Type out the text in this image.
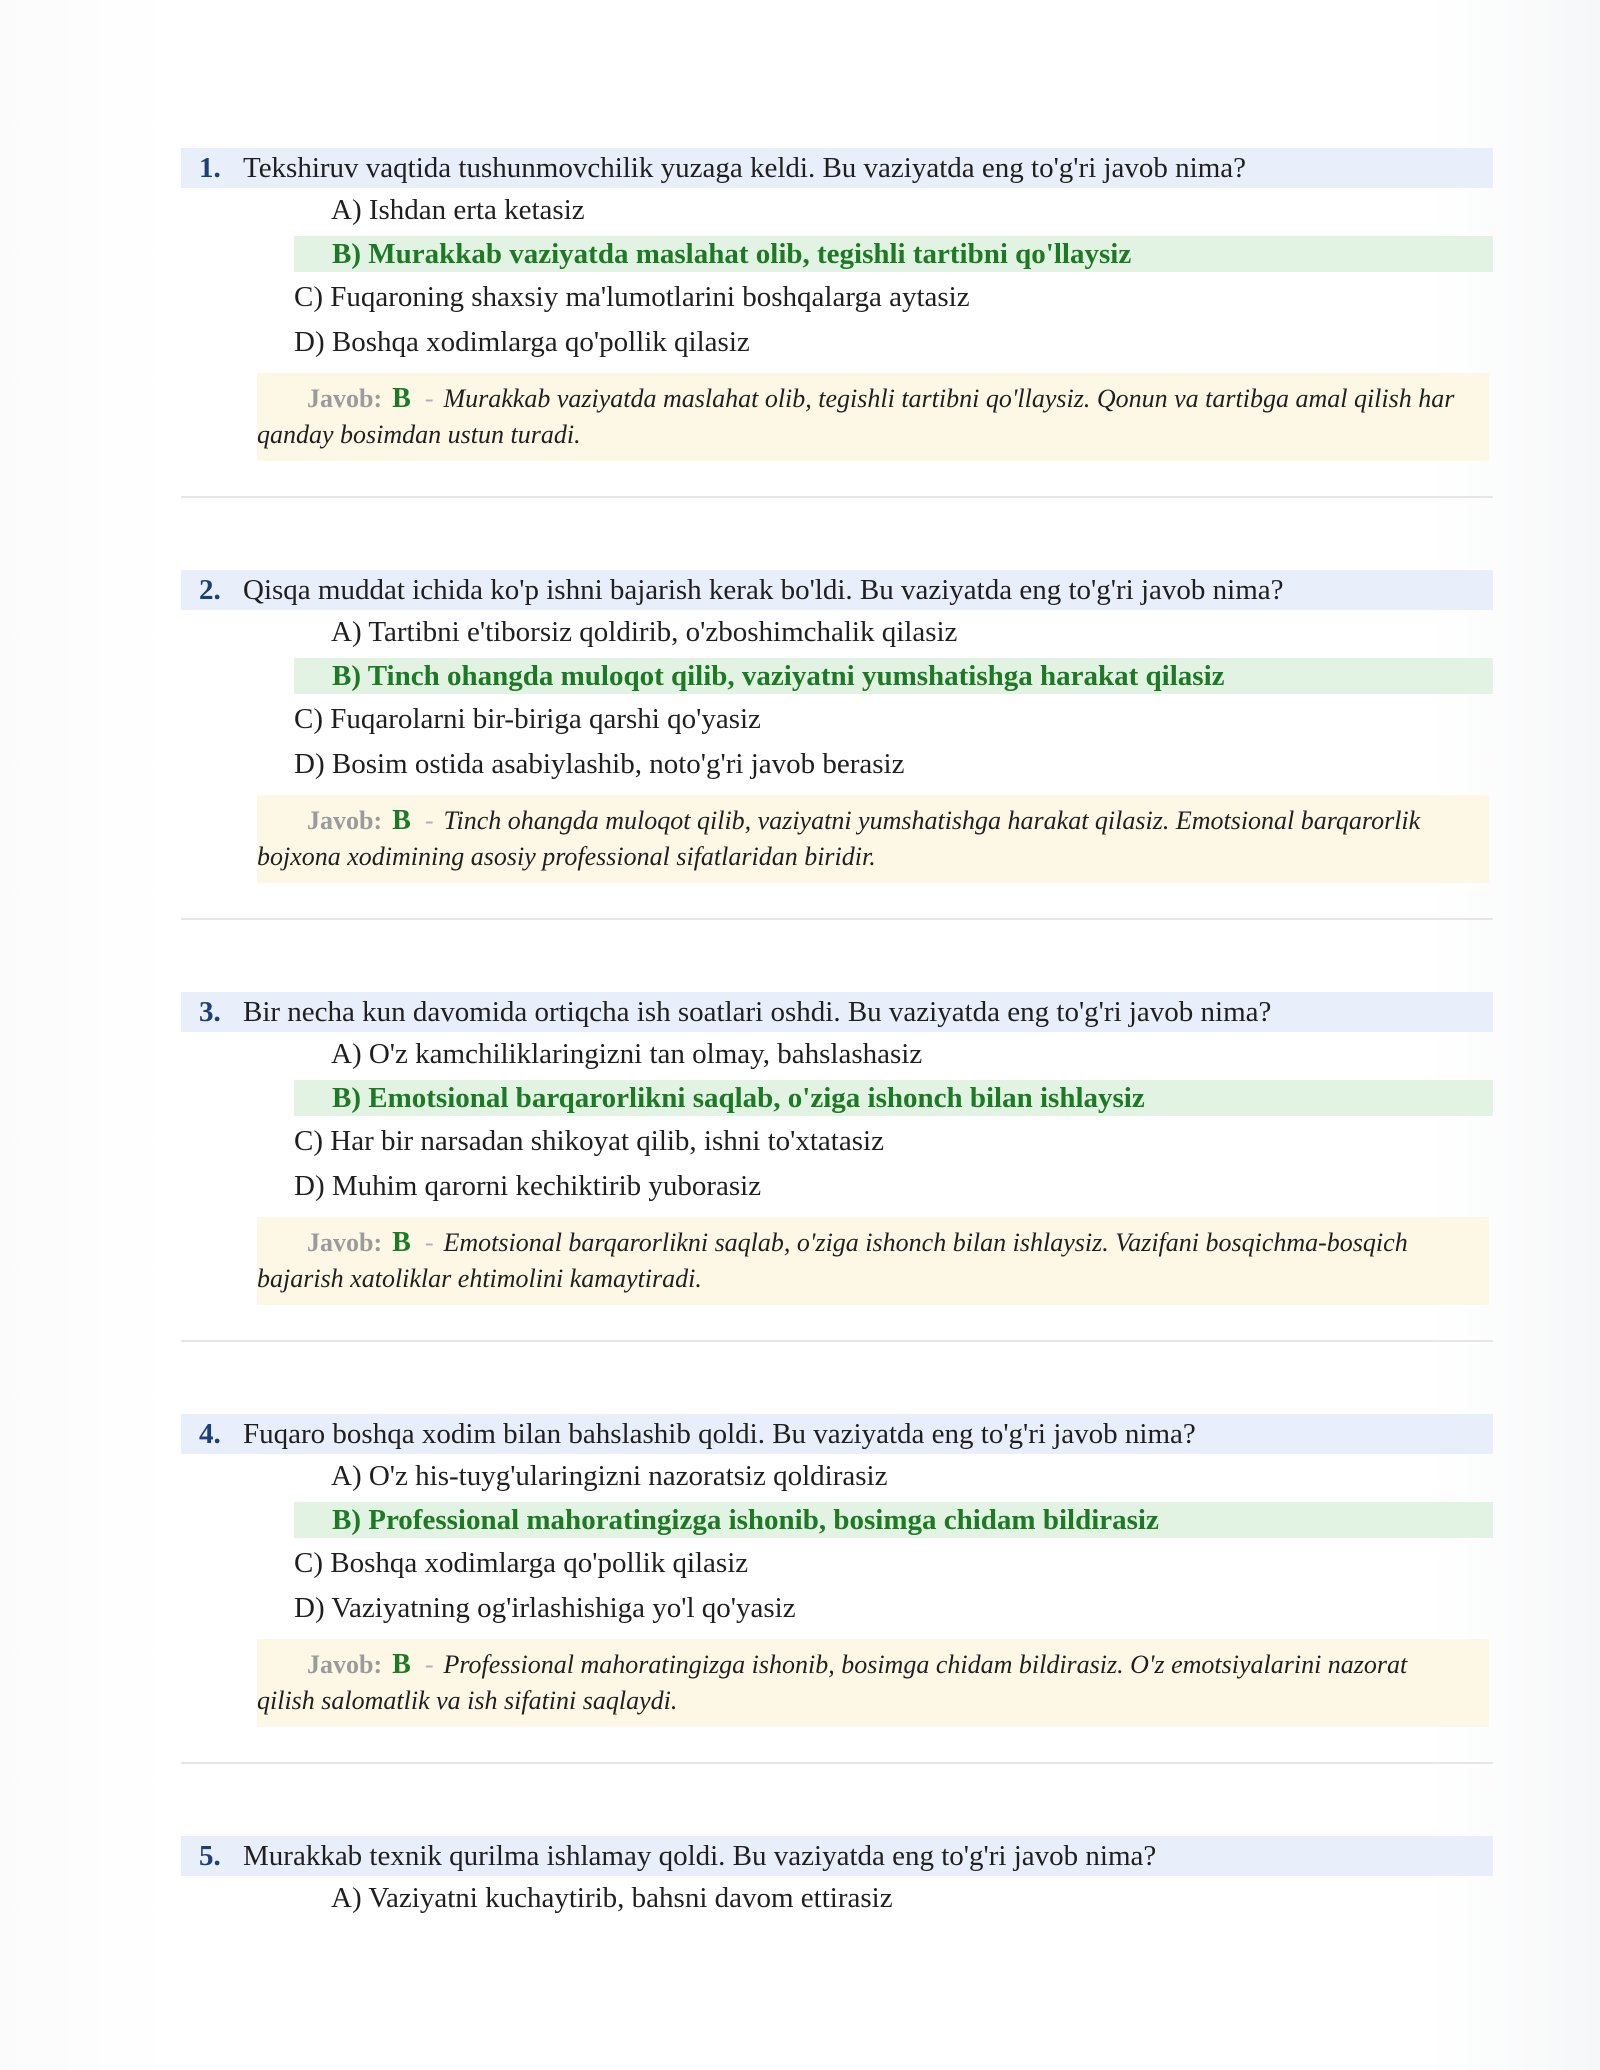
1. Tekshiruv vaqtida tushunmovchilik yuzaga keldi. Bu vaziyatda eng to'g'ri javob nima?
A) Ishdan erta ketasiz
B) Murakkab vaziyatda maslahat olib, tegishli tartibni qo'llaysiz
C) Fuqaroning shaxsiy ma'lumotlarini boshqalarga aytasiz
D) Boshqa xodimlarga qo'pollik qilasiz
Javob: B - Murakkab vaziyatda maslahat olib, tegishli tartibni qo'llaysiz. Qonun va tartibga amal qilish har qanday bosimdan ustun turadi.
2. Qisqa muddat ichida ko'p ishni bajarish kerak bo'ldi. Bu vaziyatda eng to'g'ri javob nima?
A) Tartibni e'tiborsiz qoldirib, o'zboshimchalik qilasiz
B) Tinch ohangda muloqot qilib, vaziyatni yumshatishga harakat qilasiz
C) Fuqarolarni bir-biriga qarshi qo'yasiz
D) Bosim ostida asabiylashib, noto'g'ri javob berasiz
Javob: B - Tinch ohangda muloqot qilib, vaziyatni yumshatishga harakat qilasiz. Emotsional barqarorlik bojxona xodimining asosiy professional sifatlaridan biridir.
3. Bir necha kun davomida ortiqcha ish soatlari oshdi. Bu vaziyatda eng to'g'ri javob nima?
A) O'z kamchiliklaringizni tan olmay, bahslashasiz
B) Emotsional barqarorlikni saqlab, o'ziga ishonch bilan ishlaysiz
C) Har bir narsadan shikoyat qilib, ishni to'xtatasiz
D) Muhim qarorni kechiktirib yuborasiz
Javob: B - Emotsional barqarorlikni saqlab, o'ziga ishonch bilan ishlaysiz. Vazifani bosqichma-bosqich bajarish xatoliklar ehtimolini kamaytiradi.
4. Fuqaro boshqa xodim bilan bahslashib qoldi. Bu vaziyatda eng to'g'ri javob nima?
A) O'z his-tuyg'ularingizni nazoratsiz qoldirasiz
B) Professional mahoratingizga ishonib, bosimga chidam bildirasiz
C) Boshqa xodimlarga qo'pollik qilasiz
D) Vaziyatning og'irlashishiga yo'l qo'yasiz
Javob: B - Professional mahoratingizga ishonib, bosimga chidam bildirasiz. O'z emotsiyalarini nazorat qilish salomatlik va ish sifatini saqlaydi.
5. Murakkab texnik qurilma ishlamay qoldi. Bu vaziyatda eng to'g'ri javob nima?
A) Vaziyatni kuchaytirib, bahsni davom ettirasiz
